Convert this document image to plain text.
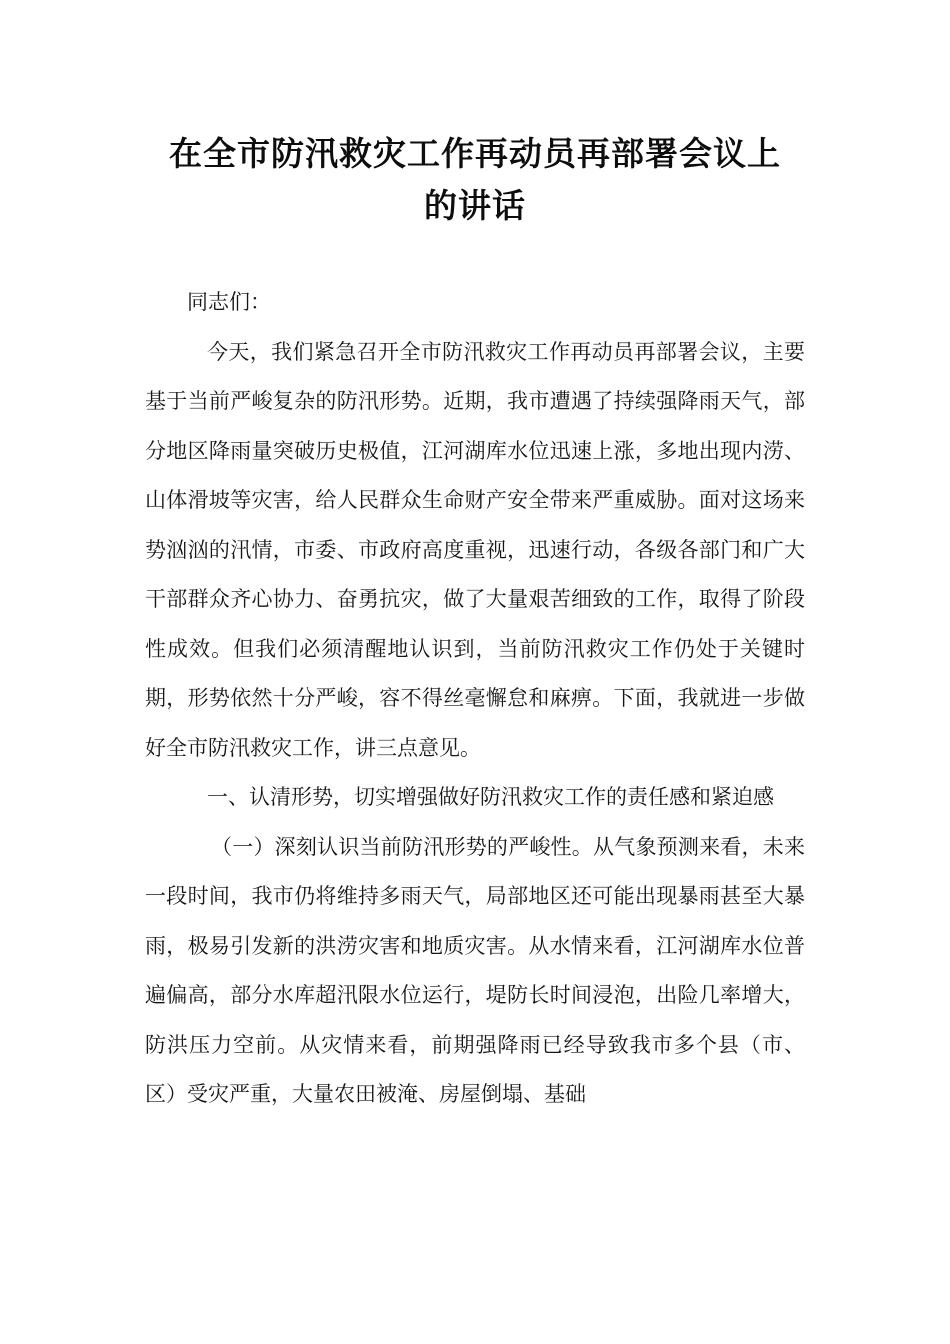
在全市防汛救灾工作再动员再部署会议上
的讲话

同志们：

今天，我们紧急召开全市防汛救灾工作再动员再部署会议，主要基于当前严峻复杂的防汛形势。近期，我市遭遇了持续强降雨天气，部分地区降雨量突破历史极值，江河湖库水位迅速上涨，多地出现内涝、山体滑坡等灾害，给人民群众生命财产安全带来严重威胁。面对这场来势汹汹的汛情，市委、市政府高度重视，迅速行动，各级各部门和广大干部群众齐心协力、奋勇抗灾，做了大量艰苦细致的工作，取得了阶段性成效。但我们必须清醒地认识到，当前防汛救灾工作仍处于关键时期，形势依然十分严峻，容不得丝毫懈怠和麻痹。下面，我就进一步做好全市防汛救灾工作，讲三点意见。

一、认清形势，切实增强做好防汛救灾工作的责任感和紧迫感

（一）深刻认识当前防汛形势的严峻性。从气象预测来看，未来一段时间，我市仍将维持多雨天气，局部地区还可能出现暴雨甚至大暴雨，极易引发新的洪涝灾害和地质灾害。从水情来看，江河湖库水位普遍偏高，部分水库超汛限水位运行，堤防长时间浸泡，出险几率增大，防洪压力空前。从灾情来看，前期强降雨已经导致我市多个县（市、区）受灾严重，大量农田被淹、房屋倒塌、基础
